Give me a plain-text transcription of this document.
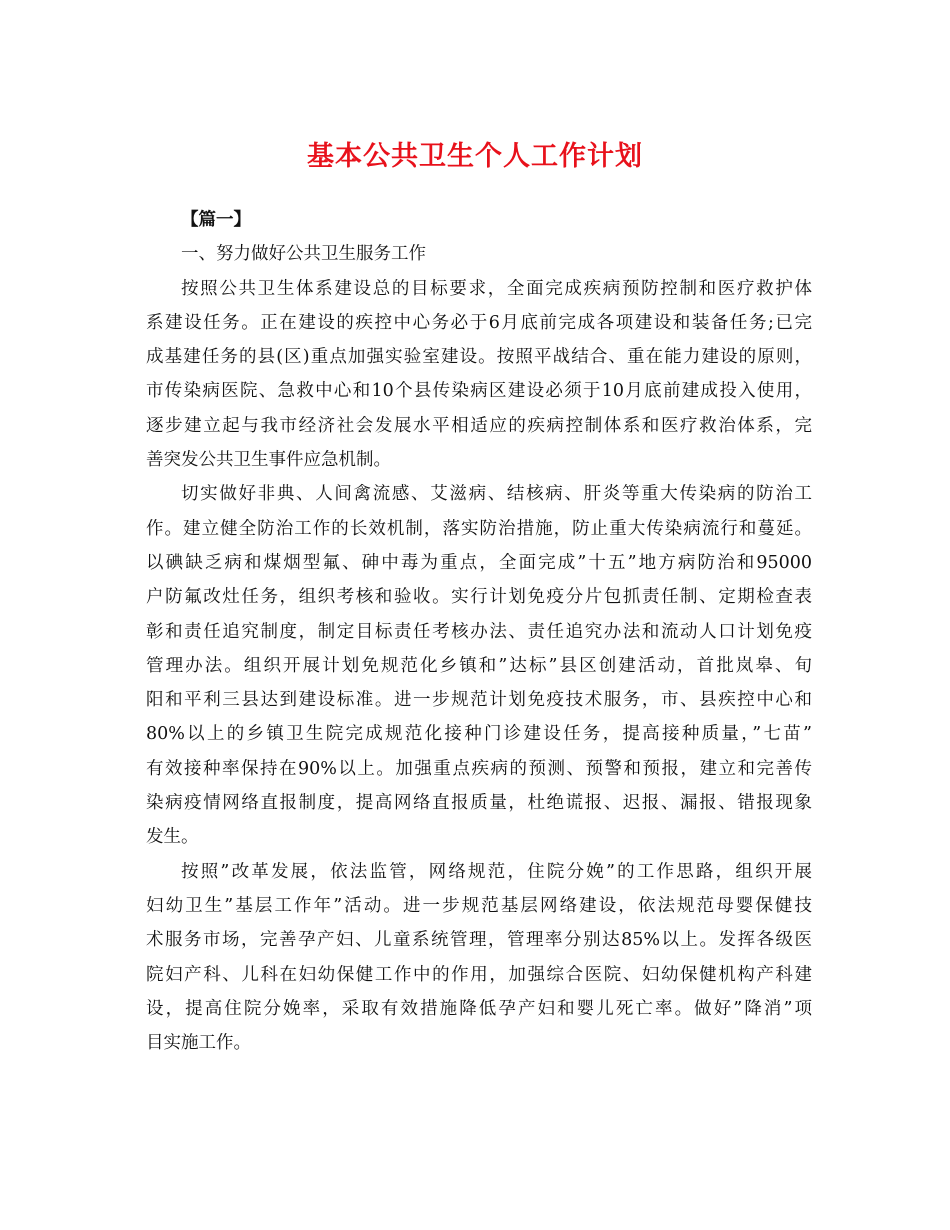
基本公共卫生个人工作计划
【篇一】
一、努力做好公共卫生服务工作
按照公共卫生体系建设总的目标要求，全面完成疾病预防控制和医疗救护体
系建设任务。正在建设的疾控中心务必于6月底前完成各项建设和装备任务;已完
成基建任务的县(区)重点加强实验室建设。按照平战结合、重在能力建设的原则，
市传染病医院、急救中心和10个县传染病区建设必须于10月底前建成投入使用，
逐步建立起与我市经济社会发展水平相适应的疾病控制体系和医疗救治体系，完
善突发公共卫生事件应急机制。
切实做好非典、人间禽流感、艾滋病、结核病、肝炎等重大传染病的防治工
作。建立健全防治工作的长效机制，落实防治措施，防止重大传染病流行和蔓延。
以碘缺乏病和煤烟型氟、砷中毒为重点，全面完成”十五”地方病防治和95000
户防氟改灶任务，组织考核和验收。实行计划免疫分片包抓责任制、定期检查表
彰和责任追究制度，制定目标责任考核办法、责任追究办法和流动人口计划免疫
管理办法。组织开展计划免规范化乡镇和”达标”县区创建活动，首批岚皋、旬
阳和平利三县达到建设标准。进一步规范计划免疫技术服务，市、县疾控中心和
80%以上的乡镇卫生院完成规范化接种门诊建设任务，提高接种质量，”七苗”
有效接种率保持在90%以上。加强重点疾病的预测、预警和预报，建立和完善传
染病疫情网络直报制度，提高网络直报质量，杜绝谎报、迟报、漏报、错报现象
发生。
按照”改革发展，依法监管，网络规范，住院分娩”的工作思路，组织开展
妇幼卫生”基层工作年”活动。进一步规范基层网络建设，依法规范母婴保健技
术服务市场，完善孕产妇、儿童系统管理，管理率分别达85%以上。发挥各级医
院妇产科、儿科在妇幼保健工作中的作用，加强综合医院、妇幼保健机构产科建
设，提高住院分娩率，采取有效措施降低孕产妇和婴儿死亡率。做好”降消”项
目实施工作。
